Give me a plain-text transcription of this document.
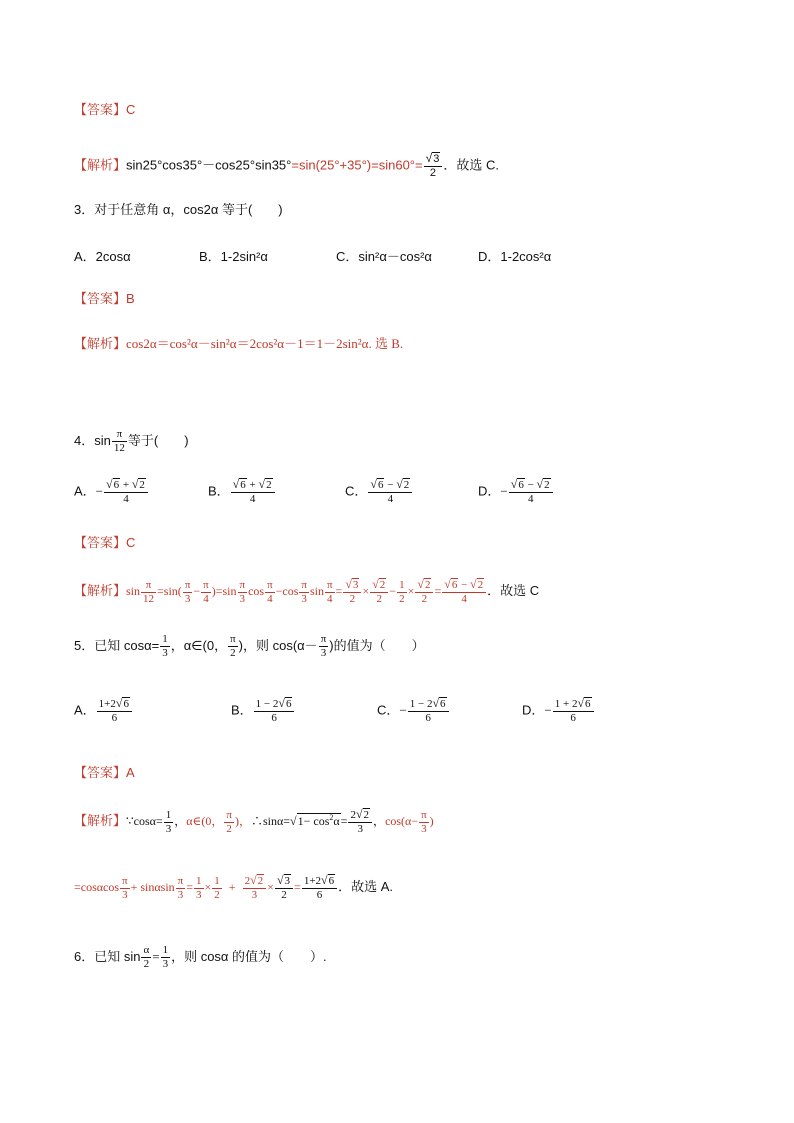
【答案】C
【解析】$\sin 25^\circ\cos 35^\circ-\cos 25^\circ\sin 35^\circ=\sin(25^\circ+35^\circ)=\sin 60^\circ= \frac{√3}{2}$ ．故选 C.
3．对于任意角 α，cos2α 等于(　　)
A．2cosα	B．1-2sin²α	C．sin²α－cos²α	D．1-2cos²α
【答案】B
【解析】cos2α＝cos²α－sin²α＝2cos²α－1＝1－2sin²α. 选 B.
4．$\sin \frac{\pi}{12}$ 等于(　　)
A．− $\frac{√6 + √2}{4}$	B． $\frac{√6 + √2}{4}$	C． $\frac{√6 - √2}{4}$	D．− $\frac{√6 - √2}{4}$
【答案】C
【解析】$\sin \frac{\pi}{12} =\sin( \frac{\pi}{3} - \frac{\pi}{4} )=\sin \frac{\pi}{3}$ $\cos \frac{\pi}{4} -\cos \frac{\pi}{3}$ $\sin \frac{\pi}{4} = \frac{√3}{2} \times \frac{√2}{2} - \frac{1}{2} \times \frac{√2}{2} = \frac{√6 - √2}{4}$ ．故选 C
5．已知 $\cos\alpha= \frac{1}{3}$ ，α∈(0， $\frac{\pi}{2}$ )，则 $\cos(\alpha- \frac{\pi}{3}$ )的值为（　　）
A． $\frac{1+2√6}{6}$	B． $\frac{1 - 2√6}{6}$	C．− $\frac{1 - 2√6}{6}$	D．− $\frac{1 + 2√6}{6}$
【答案】A
【解析】∵cosα= $\frac{1}{3}$ ，α∈(0， $\frac{\pi}{2}$ )，∴sinα=√1− $\cos^2\alpha= \frac{2√2}{3}$ ，$\cos(\alpha- \frac{\pi}{3}$ )
$=\cos\alpha\cos \frac{\pi}{3} + \sin\alpha\sin \frac{\pi}{3} = \frac{1}{3} \times \frac{1}{2} + \frac{2√2}{3} \times \frac{√3}{2} = \frac{1+2√6}{6}$ ．故选 A.
6．已知 $\sin \frac{\alpha}{2} = \frac{1}{3}$ ，则 cosα 的值为（　　）.
